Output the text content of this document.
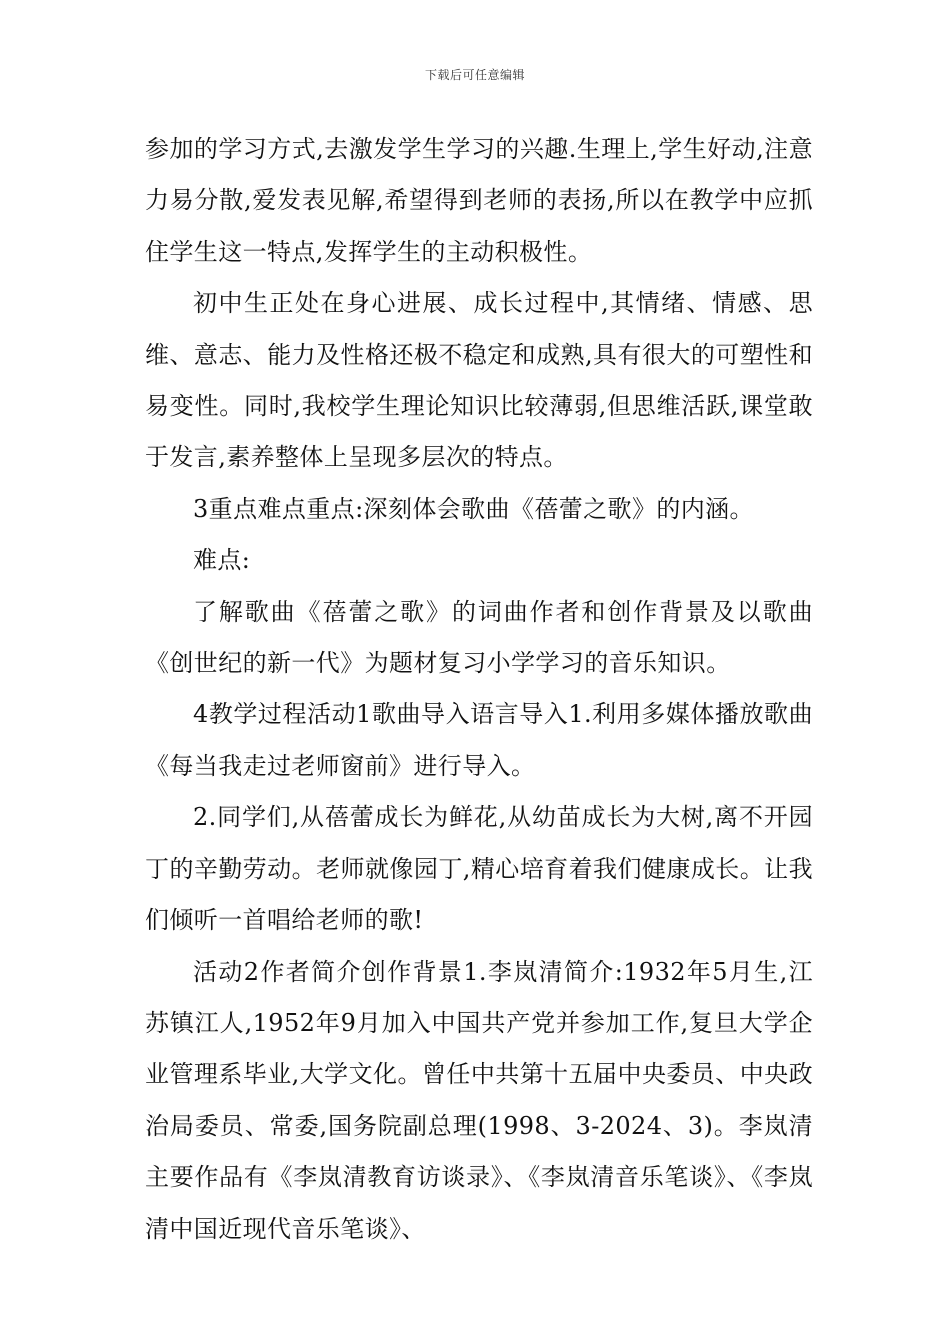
下载后可任意编辑

参加的学习方式,去激发学生学习的兴趣.生理上,学生好动,注意力易分散,爱发表见解,希望得到老师的表扬,所以在教学中应抓住学生这一特点,发挥学生的主动积极性。

初中生正处在身心进展、成长过程中,其情绪、情感、思维、意志、能力及性格还极不稳定和成熟,具有很大的可塑性和易变性。同时,我校学生理论知识比较薄弱,但思维活跃,课堂敢于发言,素养整体上呈现多层次的特点。

3重点难点重点:深刻体会歌曲《蓓蕾之歌》的内涵。

难点:

了解歌曲《蓓蕾之歌》的词曲作者和创作背景及以歌曲《创世纪的新一代》为题材复习小学学习的音乐知识。

4教学过程活动1歌曲导入语言导入1.利用多媒体播放歌曲《每当我走过老师窗前》进行导入。

2.同学们,从蓓蕾成长为鲜花,从幼苗成长为大树,离不开园丁的辛勤劳动。老师就像园丁,精心培育着我们健康成长。让我们倾听一首唱给老师的歌!

活动2作者简介创作背景1.李岚清简介:1932年5月生,江苏镇江人,1952年9月加入中国共产党并参加工作,复旦大学企业管理系毕业,大学文化。曾任中共第十五届中央委员、中央政治局委员、常委,国务院副总理(1998、3-2024、3)。李岚清主要作品有《李岚清教育访谈录》、《李岚清音乐笔谈》、《李岚清中国近现代音乐笔谈》、
